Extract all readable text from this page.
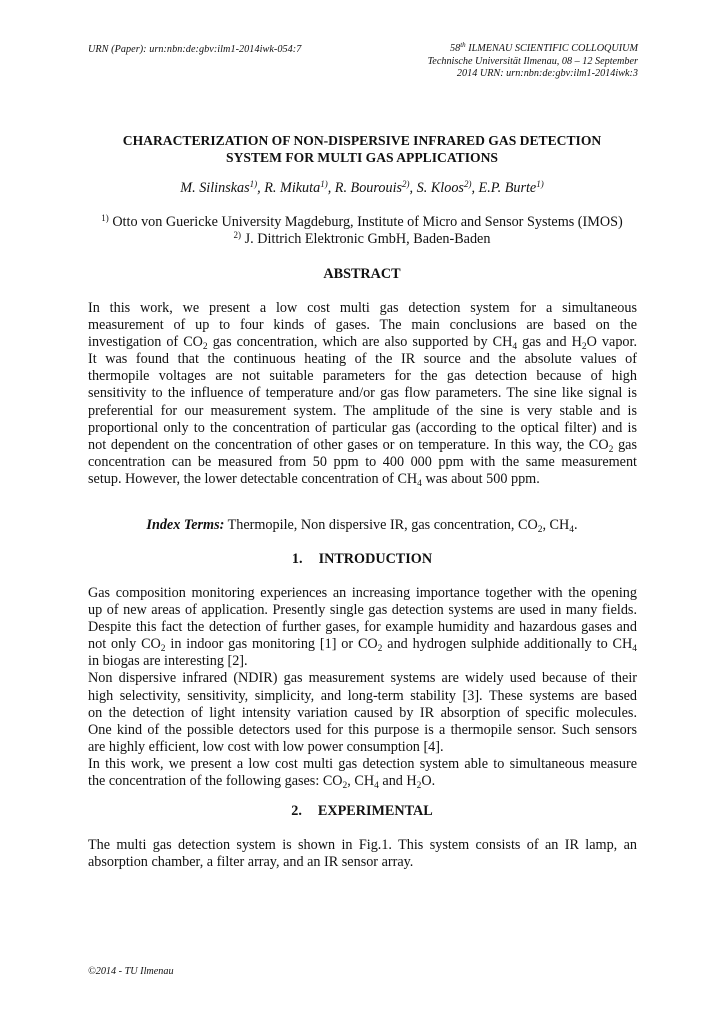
URN (Paper): urn:nbn:de:gbv:ilm1-2014iwk-054:7	58th ILMENAU SCIENTIFIC COLLOQUIUM
Technische Universität Ilmenau, 08 – 12 September
2014 URN: urn:nbn:de:gbv:ilm1-2014iwk:3
CHARACTERIZATION OF NON-DISPERSIVE INFRARED GAS DETECTION
SYSTEM FOR MULTI GAS APPLICATIONS
M. Silinskas$^{1)}$, R. Mikuta$^{1)}$, R. Bourouis$^{2)}$, S. Kloos$^{2)}$, E.P. Burte$^{1)}$
$^{1)}$ Otto von Guericke University Magdeburg, Institute of Micro and Sensor Systems (IMOS)
$^{2)}$ J. Dittrich Elektronic GmbH, Baden-Baden
ABSTRACT
In this work, we present a low cost multi gas detection system for a simultaneous
measurement of up to four kinds of gases. The main conclusions are based on the
investigation of $CO_2$ gas concentration, which are also supported by $CH_4$ gas and $H_2O$ vapor.
It was found that the continuous heating of the IR source and the absolute values of
thermopile voltages are not suitable parameters for the gas detection because of high
sensitivity to the influence of temperature and/or gas flow parameters. The sine like signal is
preferential for our measurement system. The amplitude of the sine is very stable and is
proportional only to the concentration of particular gas (according to the optical filter) and is
not dependent on the concentration of other gases or on temperature. In this way, the $CO_2$ gas
concentration can be measured from 50 ppm to 400 000 ppm with the same measurement
setup. However, the lower detectable concentration of $CH_4$ was about 500 ppm.
Index Terms: Thermopile, Non dispersive IR, gas concentration, $CO_2$, $CH_4$.
1. INTRODUCTION
Gas composition monitoring experiences an increasing importance together with the opening
up of new areas of application. Presently single gas detection systems are used in many fields.
Despite this fact the detection of further gases, for example humidity and hazardous gases and
not only $CO_2$ in indoor gas monitoring [1] or $CO_2$ and hydrogen sulphide additionally to $CH_4$
in biogas are interesting [2].
Non dispersive infrared (NDIR) gas measurement systems are widely used because of their
high selectivity, sensitivity, simplicity, and long-term stability [3]. These systems are based
on the detection of light intensity variation caused by IR absorption of specific molecules.
One kind of the possible detectors used for this purpose is a thermopile sensor. Such sensors
are highly efficient, low cost with low power consumption [4].
In this work, we present a low cost multi gas detection system able to simultaneous measure
the concentration of the following gases: $CO_2$, $CH_4$ and $H_2O$.
2. EXPERIMENTAL
The multi gas detection system is shown in Fig.1. This system consists of an IR lamp, an
absorption chamber, a filter array, and an IR sensor array.
©2014 - TU Ilmenau
